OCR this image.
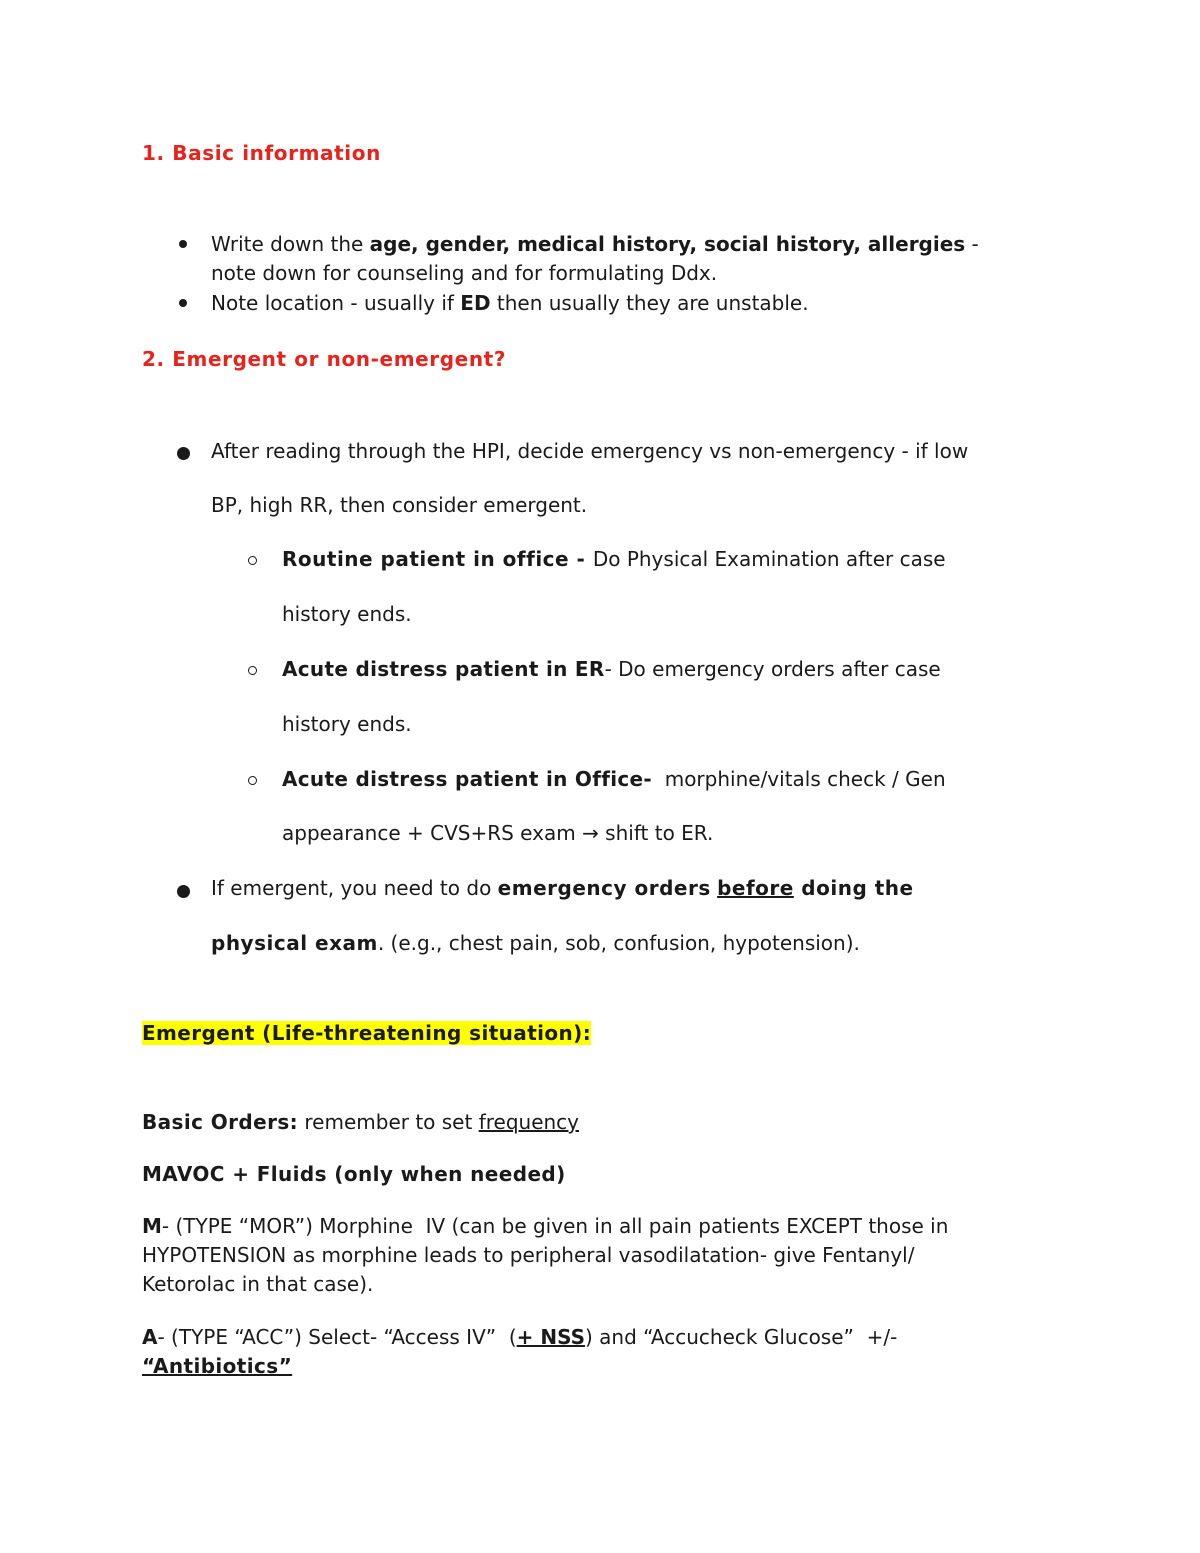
1. Basic information
Write down the age, gender, medical history, social history, allergies -
note down for counseling and for formulating Ddx.
Note location - usually if ED then usually they are unstable.
2. Emergent or non-emergent?
After reading through the HPI, decide emergency vs non-emergency - if low
BP, high RR, then consider emergent.
Routine patient in office - Do Physical Examination after case
history ends.
Acute distress patient in ER- Do emergency orders after case
history ends.
Acute distress patient in Office-  morphine/vitals check / Gen
appearance + CVS+RS exam → shift to ER.
If emergent, you need to do emergency orders before doing the
physical exam. (e.g., chest pain, sob, confusion, hypotension).
Emergent (Life-threatening situation):
Basic Orders: remember to set frequency
MAVOC + Fluids (only when needed)
M- (TYPE “MOR”) Morphine  IV (can be given in all pain patients EXCEPT those in
HYPOTENSION as morphine leads to peripheral vasodilatation- give Fentanyl/
Ketorolac in that case).
A- (TYPE “ACC”) Select- “Access IV”  (+ NSS) and “Accucheck Glucose”  +/-
“Antibiotics”
